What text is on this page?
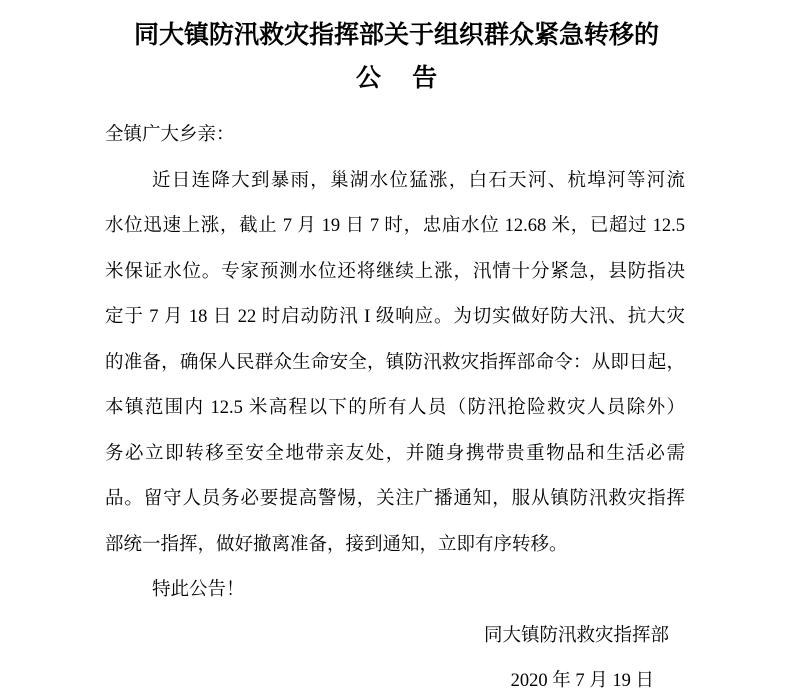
同大镇防汛救灾指挥部关于组织群众紧急转移的
公　 告
全镇广大乡亲：
近日连降大到暴雨，巢湖水位猛涨，白石天河、杭埠河等河流
水位迅速上涨，截止 7 月 19 日 7 时，忠庙水位 12.68 米，已超过 12.5
米保证水位。专家预测水位还将继续上涨，汛情十分紧急，县防指决
定于 7 月 18 日 22 时启动防汛 I 级响应。为切实做好防大汛、抗大灾
的准备，确保人民群众生命安全，镇防汛救灾指挥部命令：从即日起，
本镇范围内 12.5 米高程以下的所有人员（防汛抢险救灾人员除外）
务必立即转移至安全地带亲友处，并随身携带贵重物品和生活必需
品。留守人员务必要提高警惕，关注广播通知，服从镇防汛救灾指挥
部统一指挥，做好撤离准备，接到通知，立即有序转移。
特此公告！
同大镇防汛救灾指挥部
2020 年 7 月 19 日
